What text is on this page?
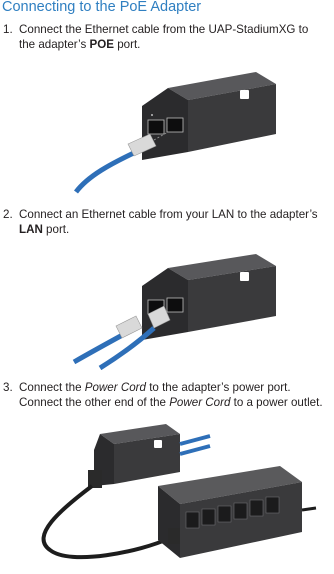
Connecting to the PoE Adapter
1. Connect the Ethernet cable from the UAP-StadiumXG to
the adapter’s POE port.
2. Connect an Ethernet cable from your LAN to the adapter’s
LAN port.
3. Connect the Power Cord to the adapter’s power port.
Connect the other end of the Power Cord to a power outlet.
